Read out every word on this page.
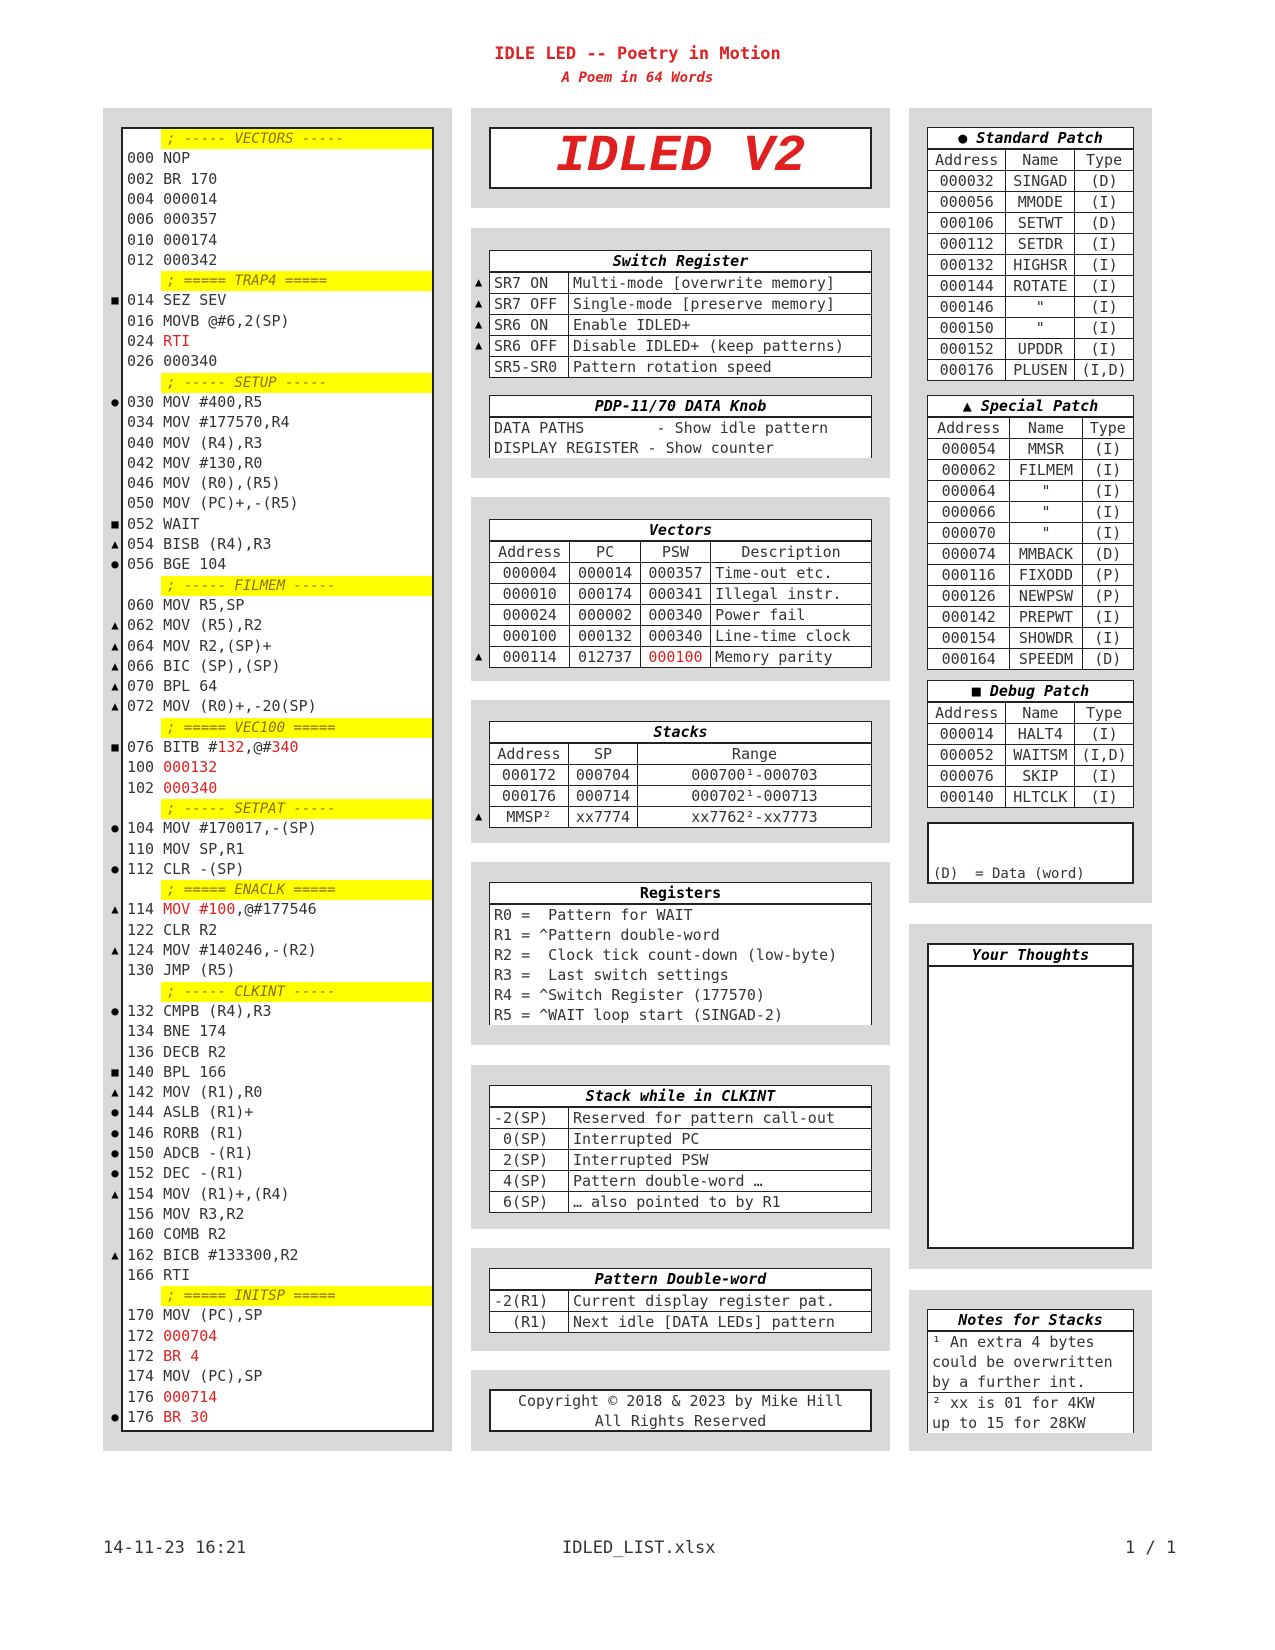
IDLE LED -- Poetry in Motion
A Poem in 64 Words
; ----- VECTORS -----
000 NOP
002 BR 170
004 000014
006 000357
010 000174
012 000342
; ===== TRAP4 =====
■ 014 SEZ SEV
016 MOVB @#6,2(SP)
024 RTI
026 000340
; ----- SETUP -----
● 030 MOV #400,R5
034 MOV #177570,R4
040 MOV (R4),R3
042 MOV #130,R0
046 MOV (R0),(R5)
050 MOV (PC)+,-(R5)
■ 052 WAIT
▲ 054 BISB (R4),R3
● 056 BGE 104
; ----- FILMEM -----
060 MOV R5,SP
▲ 062 MOV (R5),R2
▲ 064 MOV R2,(SP)+
▲ 066 BIC (SP),(SP)
▲ 070 BPL 64
▲ 072 MOV (R0)+,-20(SP)
; ===== VEC100 =====
■ 076 BITB #132,@#340
100 000132
102 000340
; ----- SETPAT -----
● 104 MOV #170017,-(SP)
110 MOV SP,R1
● 112 CLR -(SP)
; ===== ENACLK =====
▲ 114 MOV #100,@#177546
122 CLR R2
▲ 124 MOV #140246,-(R2)
130 JMP (R5)
; ----- CLKINT -----
● 132 CMPB (R4),R3
134 BNE 174
136 DECB R2
■ 140 BPL 166
▲ 142 MOV (R1),R0
● 144 ASLB (R1)+
● 146 RORB (R1)
● 150 ADCB -(R1)
● 152 DEC -(R1)
▲ 154 MOV (R1)+,(R4)
156 MOV R3,R2
160 COMB R2
▲ 162 BICB #133300,R2
166 RTI
; ===== INITSP =====
170 MOV (PC),SP
172 000704
172 BR 4
174 MOV (PC),SP
176 000714
● 176 BR 30
IDLED V2
Switch Register	
SR7 ON	Multi-mode [overwrite memory]
SR7 OFF	Single-mode [preserve memory]
SR6 ON	Enable IDLED+
SR6 OFF	Disable IDLED+ (keep patterns)
SR5-SR0	Pattern rotation speed
PDP-11/70 DATA Knob
DATA PATHS        - Show idle pattern
DISPLAY REGISTER - Show counter
Vectors			
Address	PC	PSW	Description
000004	000014	000357	Time-out etc.
000010	000174	000341	Illegal instr.
000024	000002	000340	Power fail
000100	000132	000340	Line-time clock
000114	012737	000100	Memory parity
Stacks		
Address	SP	Range
000172	000704	000700¹-000703
000176	000714	000702¹-000713
MMSP²	xx7774	xx7762²-xx7773
Registers
R0 =  Pattern for WAIT
R1 = ^Pattern double-word
R2 =  Clock tick count-down (low-byte)
R3 =  Last switch settings
R4 = ^Switch Register (177570)
R5 = ^WAIT loop start (SINGAD-2)
Stack while in CLKINT	
-2(SP)	Reserved for pattern call-out
0(SP)	Interrupted PC
2(SP)	Interrupted PSW
4(SP)	Pattern double-word …
6(SP)	… also pointed to by R1
Pattern Double-word	
-2(R1)	Current display register pat.
(R1)	Next idle [DATA LEDs] pattern
Copyright © 2018 & 2023 by Mike Hill
All Rights Reserved
● Standard Patch		
Address	Name	Type
000032	SINGAD	(D)
000056	MMODE	(I)
000106	SETWT	(D)
000112	SETDR	(I)
000132	HIGHSR	(I)
000144	ROTATE	(I)
000146	"	(I)
000150	"	(I)
000152	UPDDR	(I)
000176	PLUSEN	(I,D)
▲ Special Patch		
Address	Name	Type
000054	MMSR	(I)
000062	FILMEM	(I)
000064	"	(I)
000066	"	(I)
000070	"	(I)
000074	MMBACK	(D)
000116	FIXODD	(P)
000126	NEWPSW	(P)
000142	PREPWT	(I)
000154	SHOWDR	(I)
000164	SPEEDM	(D)
■ Debug Patch		
Address	Name	Type
000014	HALT4	(I)
000052	WAITSM	(I,D)
000076	SKIP	(I)
000140	HLTCLK	(I)

(D)  = Data (word)

Your Thoughts
Notes for Stacks
¹ An extra 4 bytes
could be overwritten
by a further int.
² xx is 01 for 4KW
up to 15 for 28KW
14-11-23 16:21	IDLED_LIST.xlsx	1 / 1
▲
▲
▲
▲
▲
▲
